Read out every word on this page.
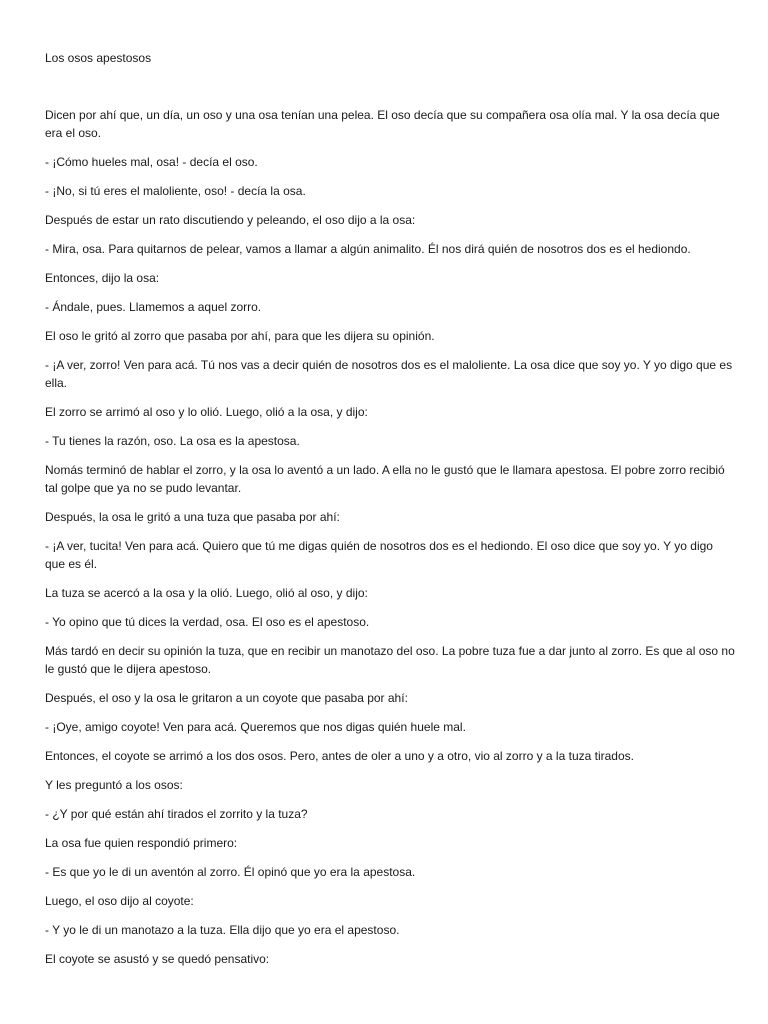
Los osos apestosos

Dicen por ahí que, un día, un oso y una osa tenían una pelea. El oso decía que su compañera osa olía mal. Y la osa decía que era el oso.

- ¡Cómo hueles mal, osa! - decía el oso.

- ¡No, si tú eres el maloliente, oso! - decía la osa.

Después de estar un rato discutiendo y peleando, el oso dijo a la osa:

- Mira, osa. Para quitarnos de pelear, vamos a llamar a algún animalito. Él nos dirá quién de nosotros dos es el hediondo.

Entonces, dijo la osa:

- Ándale, pues. Llamemos a aquel zorro.

El oso le gritó al zorro que pasaba por ahí, para que les dijera su opinión.

- ¡A ver, zorro! Ven para acá. Tú nos vas a decir quién de nosotros dos es el maloliente. La osa dice que soy yo. Y yo digo que es ella.

El zorro se arrimó al oso y lo olió. Luego, olió a la osa, y dijo:

- Tu tienes la razón, oso. La osa es la apestosa.

Nomás terminó de hablar el zorro, y la osa lo aventó a un lado. A ella no le gustó que le llamara apestosa. El pobre zorro recibió tal golpe que ya no se pudo levantar.

Después, la osa le gritó a una tuza que pasaba por ahí:

- ¡A ver, tucita! Ven para acá. Quiero que tú me digas quién de nosotros dos es el hediondo. El oso dice que soy yo. Y yo digo que es él.

La tuza se acercó a la osa y la olió. Luego, olió al oso, y dijo:

- Yo opino que tú dices la verdad, osa. El oso es el apestoso.

Más tardó en decir su opinión la tuza, que en recibir un manotazo del oso. La pobre tuza fue a dar junto al zorro. Es que al oso no le gustó que le dijera apestoso.

Después, el oso y la osa le gritaron a un coyote que pasaba por ahí:

- ¡Oye, amigo coyote! Ven para acá. Queremos que nos digas quién huele mal.

Entonces, el coyote se arrimó a los dos osos. Pero, antes de oler a uno y a otro, vio al zorro y a la tuza tirados.

Y les preguntó a los osos:

- ¿Y por qué están ahí tirados el zorrito y la tuza?

La osa fue quien respondió primero:

- Es que yo le di un aventón al zorro. Él opinó que yo era la apestosa.

Luego, el oso dijo al coyote:

- Y yo le di un manotazo a la tuza. Ella dijo que yo era el apestoso.

El coyote se asustó y se quedó pensativo:
